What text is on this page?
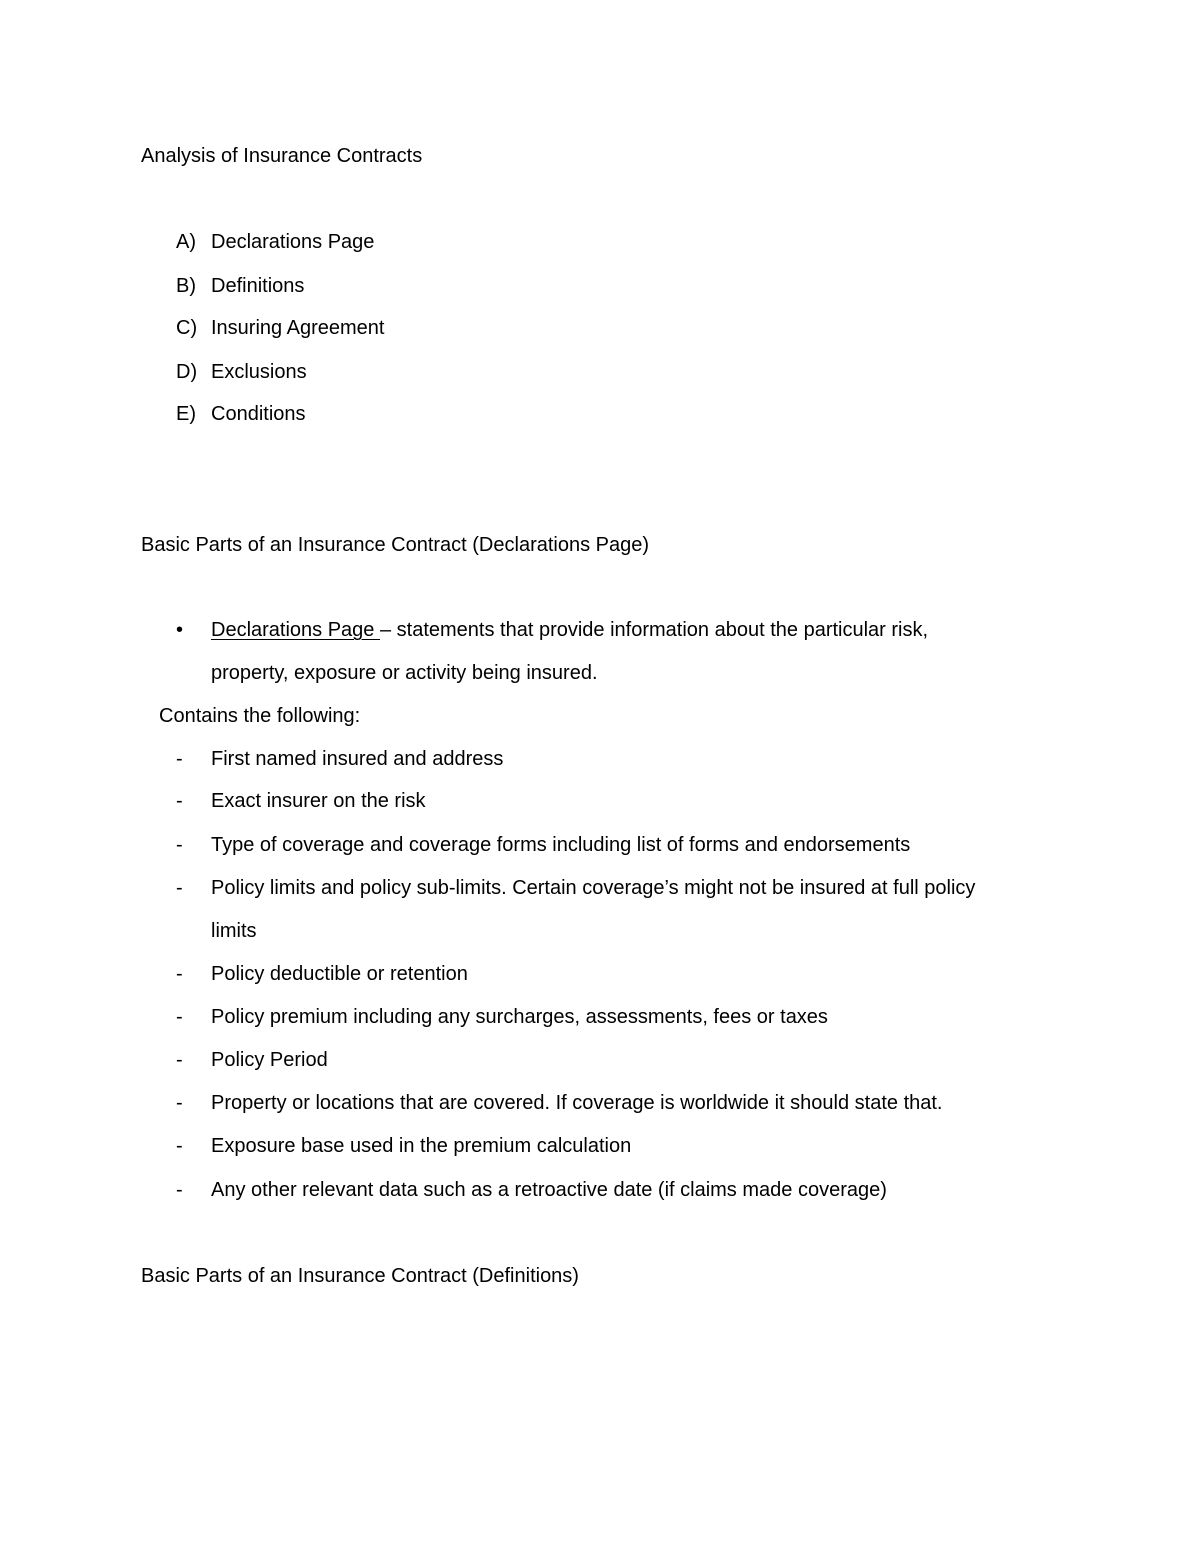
Analysis of Insurance Contracts
A) Declarations Page
B) Definitions
C) Insuring Agreement
D) Exclusions
E) Conditions
Basic Parts of an Insurance Contract (Declarations Page)
• Declarations Page – statements that provide information about the particular risk,
property, exposure or activity being insured.
Contains the following:
- First named insured and address
- Exact insurer on the risk
- Type of coverage and coverage forms including list of forms and endorsements
- Policy limits and policy sub-limits. Certain coverage’s might not be insured at full policy
limits
- Policy deductible or retention
- Policy premium including any surcharges, assessments, fees or taxes
- Policy Period
- Property or locations that are covered. If coverage is worldwide it should state that.
- Exposure base used in the premium calculation
- Any other relevant data such as a retroactive date (if claims made coverage)
Basic Parts of an Insurance Contract (Definitions)
